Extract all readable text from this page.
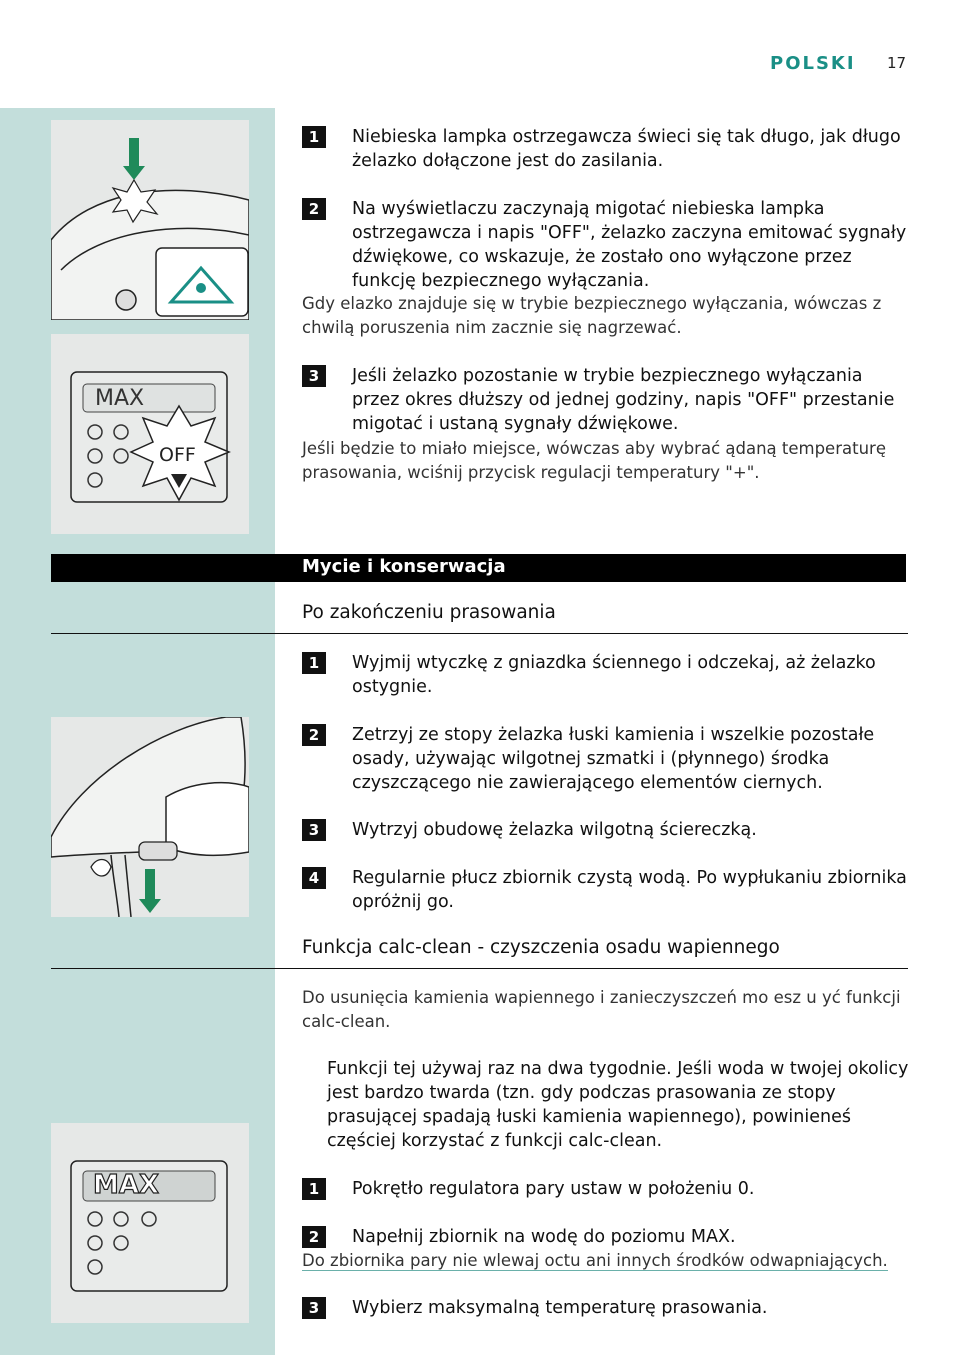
POLSKI 17
MAX
OFF
1	Niebieska lampka ostrzegawcza świeci się tak długo, jak długo żelazko dołączone jest do zasilania.
2	Na wyświetlaczu zaczynają migotać niebieska lampka ostrzegawcza i napis "OFF", żelazko zaczyna emitować sygnały dźwiękowe, co wskazuje, że zostało ono wyłączone przez funkcję bezpiecznego wyłączania.
Gdy elazko znajduje się w trybie bezpiecznego wyłączania, wówczas z chwilą poruszenia nim zacznie się nagrzewać.
3	Jeśli żelazko pozostanie w trybie bezpiecznego wyłączania przez okres dłuższy od jednej godziny, napis "OFF" przestanie migotać i ustaną sygnały dźwiękowe.
Jeśli będzie to miało miejsce, wówczas aby wybrać ądaną temperaturę prasowania, wciśnij przycisk regulacji temperatury "+".
Mycie i konserwacja
Po zakończeniu prasowania
1	Wyjmij wtyczkę z gniazdka ściennego i odczekaj, aż żelazko ostygnie.
2	Zetrzyj ze stopy żelazka łuski kamienia i wszelkie pozostałe osady, używając wilgotnej szmatki i (płynnego) środka czyszczącego nie zawierającego elementów ciernych.
3	Wytrzyj obudowę żelazka wilgotną ściereczką.
4	Regularnie płucz zbiornik czystą wodą. Po wypłukaniu zbiornika opróżnij go.
Funkcja calc-clean - czyszczenia osadu wapiennego
Do usunięcia kamienia wapiennego i zanieczyszczeń mo esz u yć funkcji calc-clean.
Funkcji tej używaj raz na dwa tygodnie. Jeśli woda w twojej okolicy jest bardzo twarda (tzn. gdy podczas prasowania ze stopy prasującej spadają łuski kamienia wapiennego), powinieneś częściej korzystać z funkcji calc-clean.
1	Pokrętło regulatora pary ustaw w położeniu 0.
2	Napełnij zbiornik na wodę do poziomu MAX.
Do zbiornika pary nie wlewaj octu ani innych środków odwapniających.
3	Wybierz maksymalną temperaturę prasowania.
MAX
